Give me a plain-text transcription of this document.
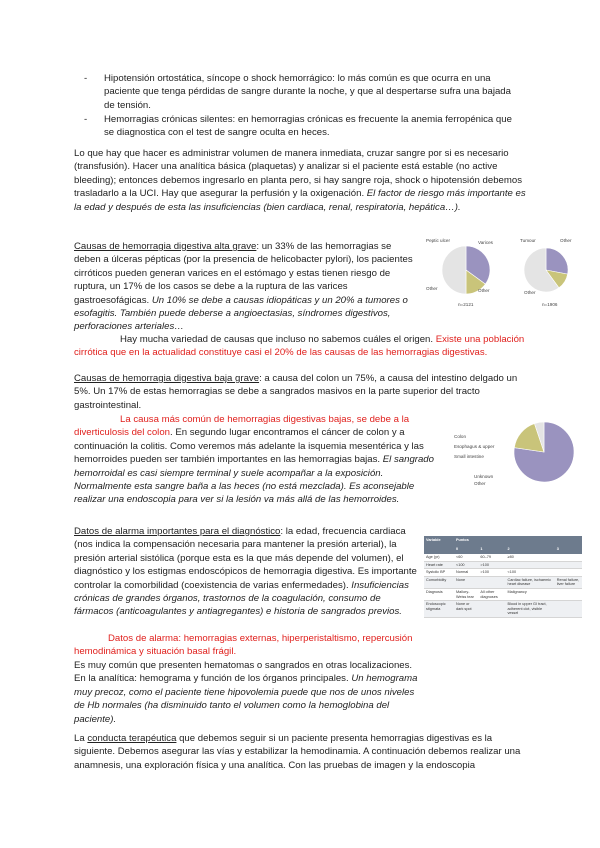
- Hipotensión ortostática, síncope o shock hemorrágico: lo más común es que ocurra en una paciente que tenga pérdidas de sangre durante la noche, y que al despertarse sufra una bajada de tensión.
- Hemorragias crónicas silentes: en hemorragias crónicas es frecuente la anemia ferropénica que se diagnostica con el test de sangre oculta en heces.
Lo que hay que hacer es administrar volumen de manera inmediata, cruzar sangre por si es necesario (transfusión). Hacer una analítica básica (plaquetas) y analizar si el paciente está estable (no active bleeding); entonces debemos ingresarlo en planta pero, si hay sangre roja, shock o hipotensión debemos trasladarlo a la UCI. Hay que asegurar la perfusión y la oxigenación. El factor de riesgo más importante es la edad y después de esta las insuficiencias (bien cardiaca, renal, respiratoria, hepática…).
Causas de hemorragia digestiva alta grave: un 33% de las hemorragias se deben a úlceras pépticas (por la presencia de helicobacter pylori), los pacientes cirróticos pueden generan varices en el estómago y estas tienen riesgo de ruptura, un 17% de los casos se debe a la ruptura de las varices gastroesofágicas. Un 10% se debe a causas idiopáticas y un 20% a tumores o esofagitis. También puede deberse a angioectasias, síndromes digestivos, perforaciones arteriales…
Hay mucha variedad de causas que incluso no sabemos cuáles el origen. Existe una población cirrótica que en la actualidad constituye casi el 20% de las causas de las hemorragias digestivas.
Peptic ulcer	Varices
Other	Other
Tumour	Other
Other
n=2121	n=1906
Causas de hemorragia digestiva baja grave: a causa del colon un 75%, a causa del intestino delgado un 5%. Un 17% de estas hemorragias se debe a sangrados masivos en la parte superior del tracto gastrointestinal.
La causa más común de hemorragias digestivas bajas, se debe a la diverticulosis del colon. En segundo lugar encontramos el cáncer de colon y a continuación la colitis. Como veremos más adelante la isquemia mesentérica y las hemorroides pueden ser también importantes en las hemorragias bajas. El sangrado hemorroidal es casi siempre terminal y suele acompañar a la exposición. Normalmente esta sangre baña a las heces (no está mezclada). Es aconsejable realizar una endoscopia para ver si la lesión va más allá de las hemorroides.
Colon
Esophagus & upper
Small intestine
Unknown
Other
Datos de alarma importantes para el diagnóstico: la edad, frecuencia cardiaca (nos indica la compensación necesaria para mantener la presión arterial), la presión arterial sistólica (porque esta es la que más depende del volumen), el diagnóstico y los estigmas endoscópicos de hemorragia digestiva. Es importante controlar la comorbilidad (coexistencia de varias enfermedades). Insuficiencias crónicas de grandes órganos, trastornos de la coagulación, consumo de fármacos (anticoagulantes y antiagregantes) e historia de sangrados previos.
Datos de alarma: hemorragias externas, hiperperistaltismo, repercusión hemodinámica y situación basal frágil.
Es muy común que presenten hematomas o sangrados en otras localizaciones. En la analítica: hemograma y función de los órganos principales. Un hemograma muy precoz, como el paciente tiene hipovolemia puede que nos de unos niveles de Hb normales (ha disminuido tanto el volumen como la hemoglobina del paciente).
Variable	Puntos			
	0	1	2	3
Age (yr)	<60	60–79	≥80	
Heart rate	<100	>100		
Systolic BP	Normal	>100	<100	
Comorbidity	None		Cardiac failure, ischaemic heart disease	Renal failure, liver failure
Diagnosis	Mallory-Weiss tear	All other diagnoses	Malignancy	
Endoscopic stigmata	None or dark spot		Blood in upper GI tract, adherent clot, visible vessel	
La conducta terapéutica que debemos seguir si un paciente presenta hemorragias digestivas es la siguiente. Debemos asegurar las vías y estabilizar la hemodinamia. A continuación debemos realizar una anamnesis, una exploración física y una analítica. Con las pruebas de imagen y la endoscopia
